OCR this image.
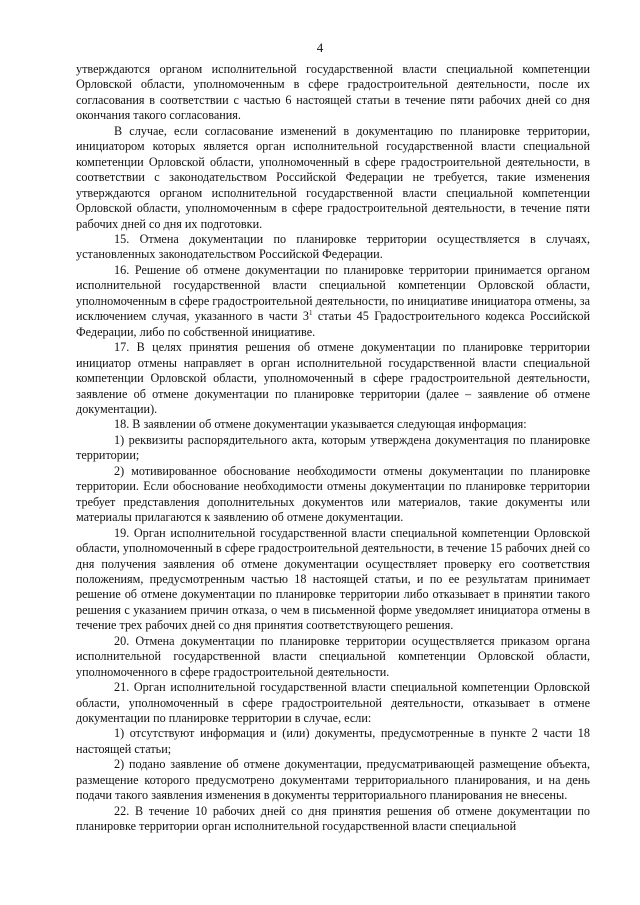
4

утверждаются органом исполнительной государственной власти специальной компетенции Орловской области, уполномоченным в сфере градостроительной деятельности, после их согласования в соответствии с частью 6 настоящей статьи в течение пяти рабочих дней со дня окончания такого согласования.

В случае, если согласование изменений в документацию по планировке территории, инициатором которых является орган исполнительной государственной власти специальной компетенции Орловской области, уполномоченный в сфере градостроительной деятельности, в соответствии с законодательством Российской Федерации не требуется, такие изменения утверждаются органом исполнительной государственной власти специальной компетенции Орловской области, уполномоченным в сфере градостроительной деятельности, в течение пяти рабочих дней со дня их подготовки.

15. Отмена документации по планировке территории осуществляется в случаях, установленных законодательством Российской Федерации.

16. Решение об отмене документации по планировке территории принимается органом исполнительной государственной власти специальной компетенции Орловской области, уполномоченным в сфере градостроительной деятельности, по инициативе инициатора отмены, за исключением случая, указанного в части $3^1$ статьи 45 Градостроительного кодекса Российской Федерации, либо по собственной инициативе.

17. В целях принятия решения об отмене документации по планировке территории инициатор отмены направляет в орган исполнительной государственной власти специальной компетенции Орловской области, уполномоченный в сфере градостроительной деятельности, заявление об отмене документации по планировке территории (далее – заявление об отмене документации).

18. В заявлении об отмене документации указывается следующая информация:

1) реквизиты распорядительного акта, которым утверждена документация по планировке территории;

2) мотивированное обоснование необходимости отмены документации по планировке территории. Если обоснование необходимости отмены документации по планировке территории требует представления дополнительных документов или материалов, такие документы или материалы прилагаются к заявлению об отмене документации.

19. Орган исполнительной государственной власти специальной компетенции Орловской области, уполномоченный в сфере градостроительной деятельности, в течение 15 рабочих дней со дня получения заявления об отмене документации осуществляет проверку его соответствия положениям, предусмотренным частью 18 настоящей статьи, и по ее результатам принимает решение об отмене документации по планировке территории либо отказывает в принятии такого решения с указанием причин отказа, о чем в письменной форме уведомляет инициатора отмены в течение трех рабочих дней со дня принятия соответствующего решения.

20. Отмена документации по планировке территории осуществляется приказом органа исполнительной государственной власти специальной компетенции Орловской области, уполномоченного в сфере градостроительной деятельности.

21. Орган исполнительной государственной власти специальной компетенции Орловской области, уполномоченный в сфере градостроительной деятельности, отказывает в отмене документации по планировке территории в случае, если:

1) отсутствуют информация и (или) документы, предусмотренные в пункте 2 части 18 настоящей статьи;

2) подано заявление об отмене документации, предусматривающей размещение объекта, размещение которого предусмотрено документами территориального планирования, и на день подачи такого заявления изменения в документы территориального планирования не внесены.

22. В течение 10 рабочих дней со дня принятия решения об отмене документации по планировке территории орган исполнительной государственной власти специальной
